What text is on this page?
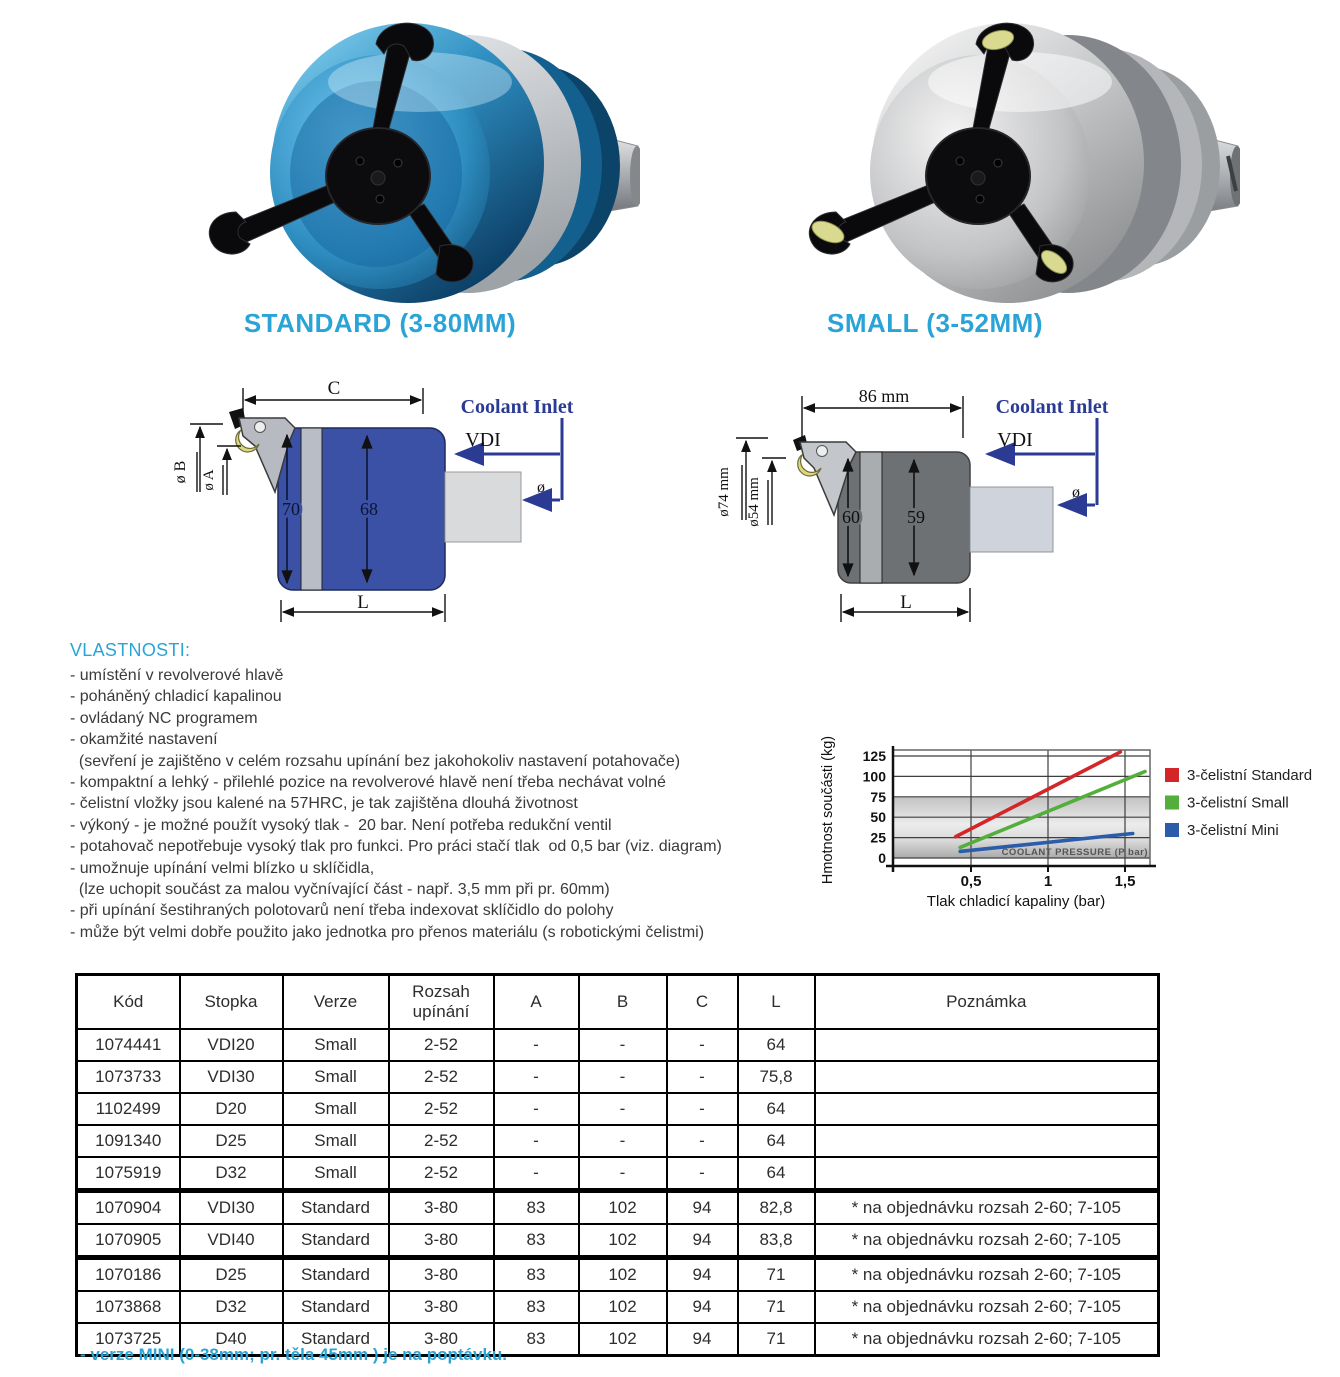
STANDARD (3-80MM)	SMALL (3-52MM)
C
ø B ø A
70	68
L
Coolant Inlet
VDI
ø
86 mm
ø74 mm ø54 mm	60	59
L
Coolant Inlet
VDI
ø
VLASTNOSTI:
- umístění v revolverové hlavě
- poháněný chladicí kapalinou
- ovládaný NC programem
- okamžité nastavení
(sevření je zajištěno v celém rozsahu upínání bez jakohokoliv nastavení potahovače)
- kompaktní a lehký - přilehlé pozice na revolverové hlavě není třeba nechávat volné
- čelistní vložky jsou kalené na 57HRC, je tak zajištěna dlouhá životnost
- výkoný - je možné použít vysoký tlak -  20 bar. Není potřeba redukční ventil
- potahovač nepotřebuje vysoký tlak pro funkci. Pro práci stačí tlak  od 0,5 bar (viz. diagram)
- umožnuje upínání velmi blízko u sklíčidla,
(lze uchopit součást za malou vyčnívající část - např. 3,5 mm při pr. 60mm)
- při upínání šestihraných polotovarů není třeba indexovat sklíčidlo do polohy
- může být velmi dobře použito jako jednotka pro přenos materiálu (s robotickými čelistmi)
0
25
50
75
100
125
0,5	1	1,5
COOLANT PRESSURE (P bar)
Hmotnost součásti (kg)
Tlak chladicí kapaliny (bar)
3-čelistní Standard
3-čelistní Small
3-čelistní Mini
Kód	Stopka	Verze	Rozsah upínání	A	B	C	L	Poznámka
1074441	VDI20	Small	2-52	-	-	-	64	
1073733	VDI30	Small	2-52	-	-	-	75,8	
1102499	D20	Small	2-52	-	-	-	64	
1091340	D25	Small	2-52	-	-	-	64	
1075919	D32	Small	2-52	-	-	-	64	
1070904	VDI30	Standard	3-80	83	102	94	82,8	* na objednávku rozsah 2-60; 7-105
1070905	VDI40	Standard	3-80	83	102	94	83,8	* na objednávku rozsah 2-60; 7-105
1070186	D25	Standard	3-80	83	102	94	71	* na objednávku rozsah 2-60; 7-105
1073868	D32	Standard	3-80	83	102	94	71	* na objednávku rozsah 2-60; 7-105
1073725	D40	Standard	3-80	83	102	94	71	* na objednávku rozsah 2-60; 7-105
- verze MINI (0-38mm; pr. těla 45mm ) je na poptávku.
